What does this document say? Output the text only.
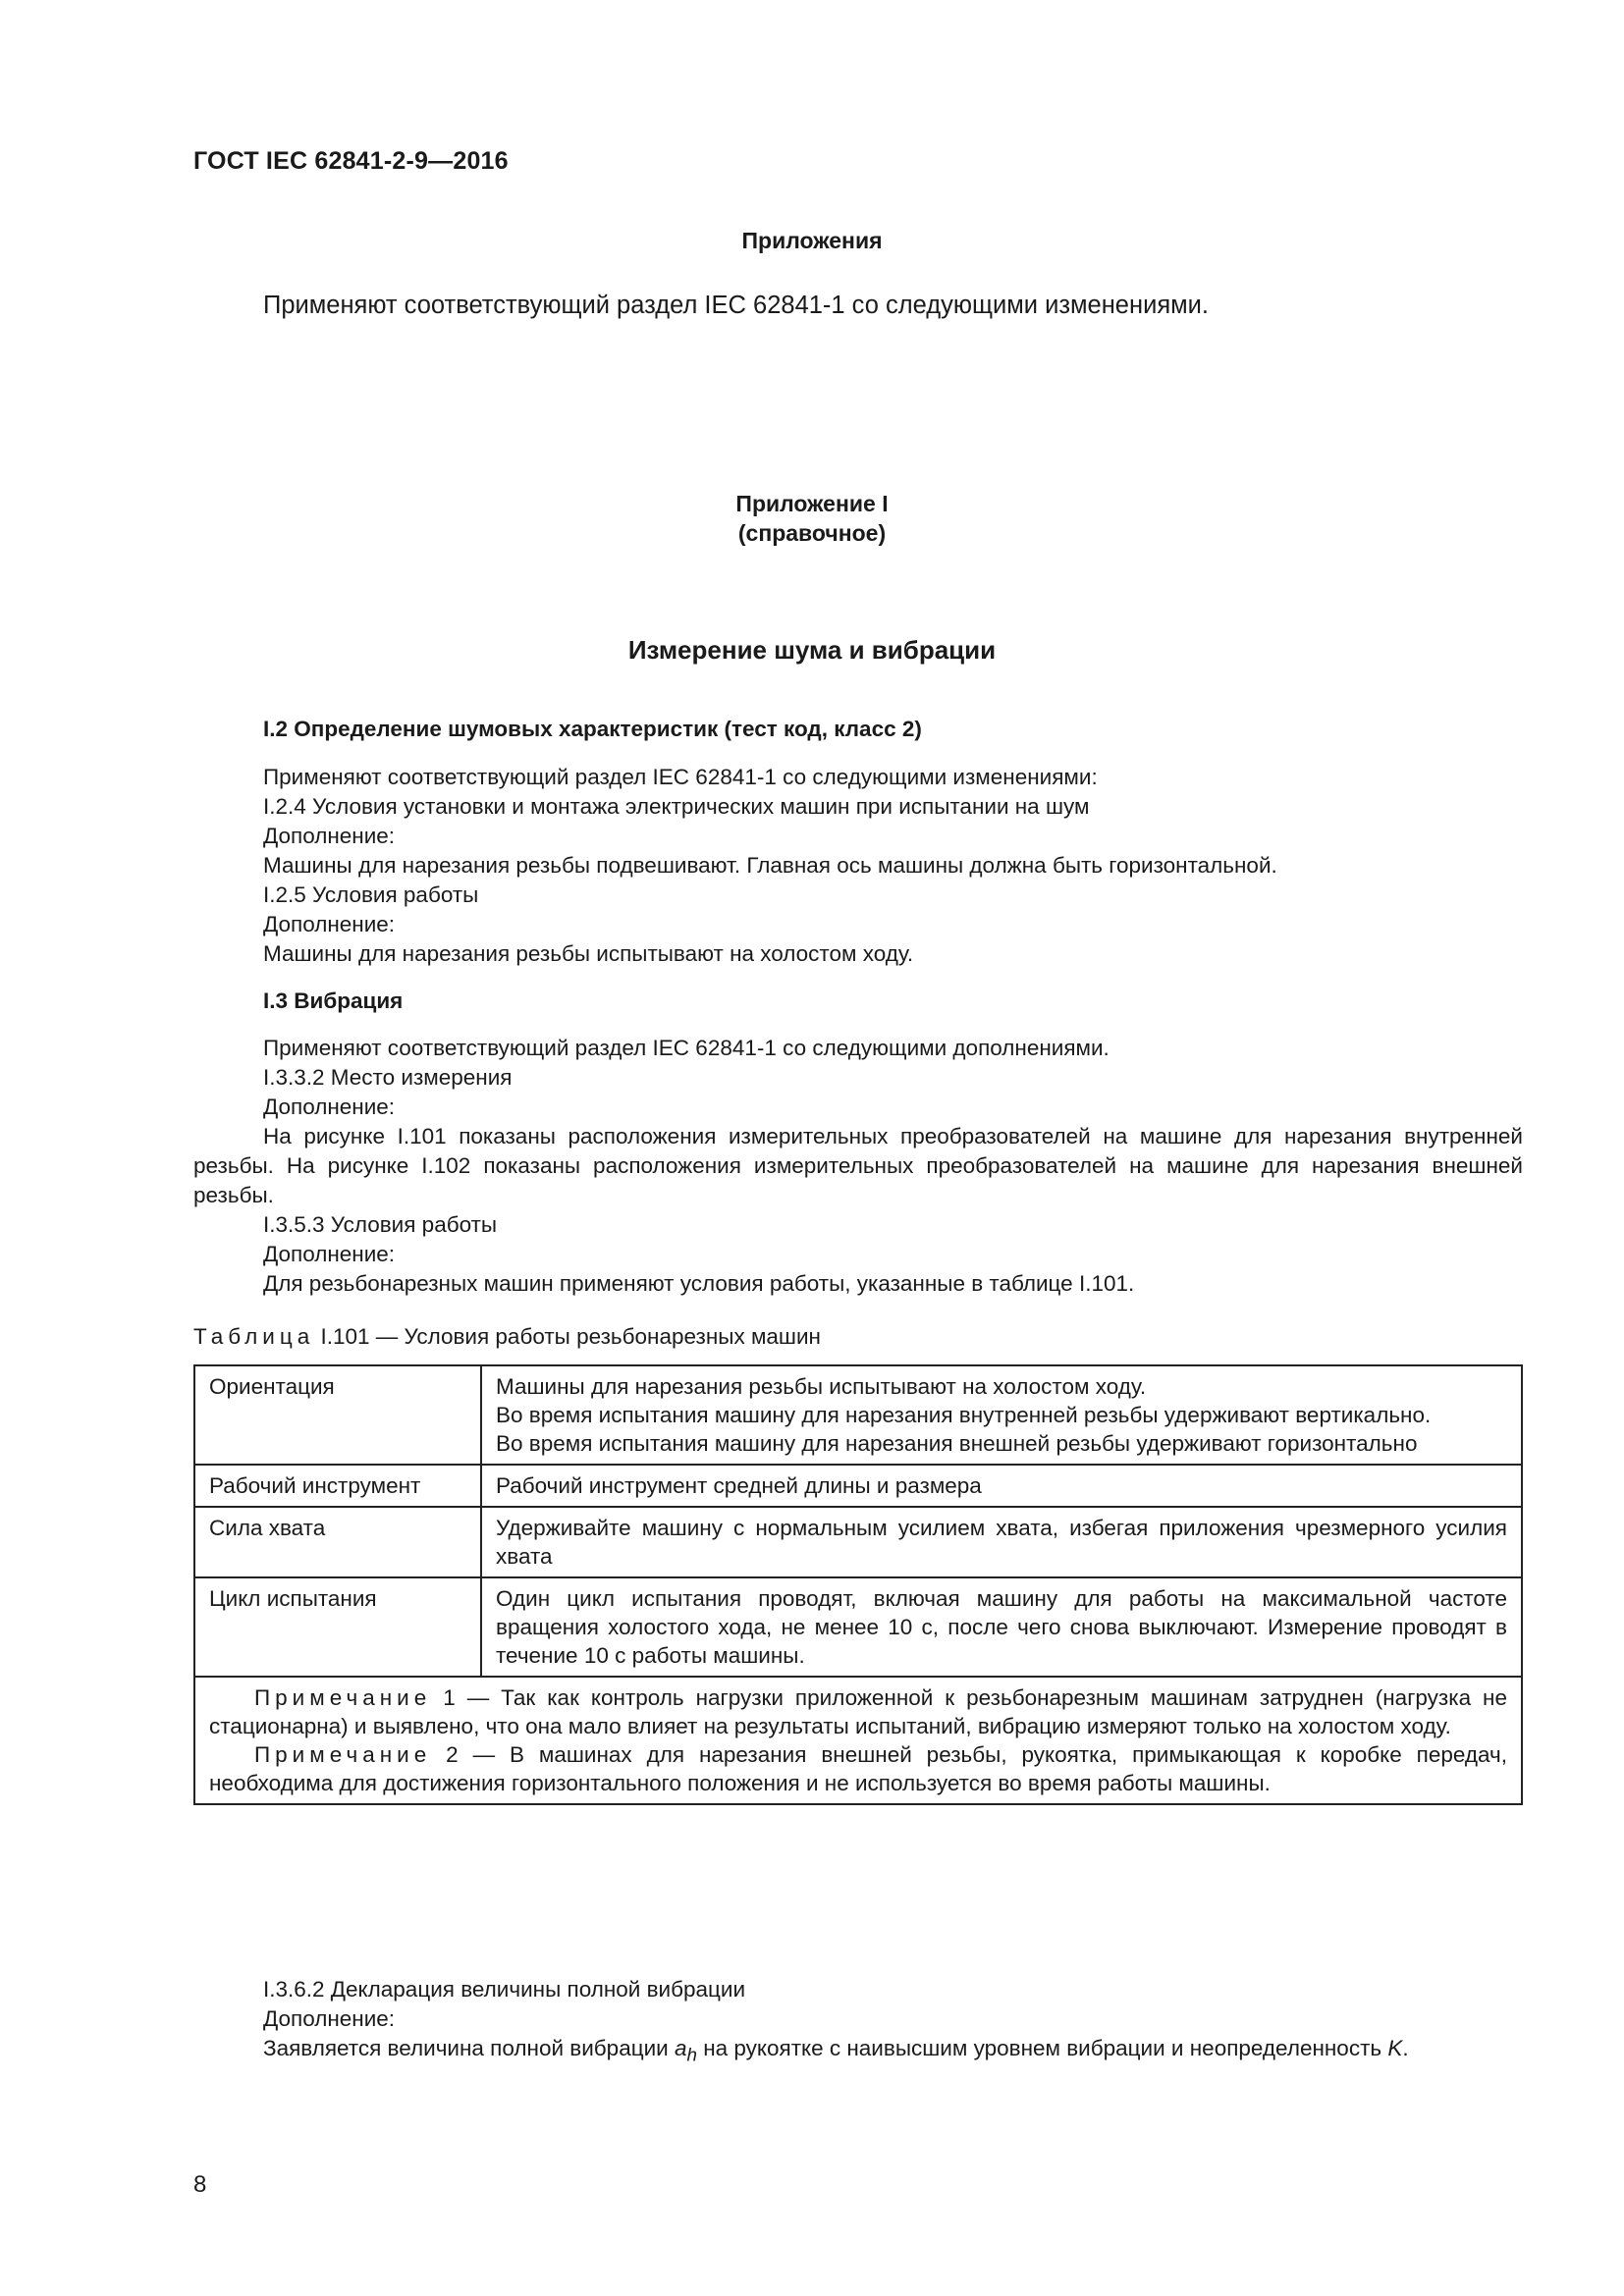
ГОСТ IEC 62841-2-9—2016
Приложения
Применяют соответствующий раздел IEC 62841-1 со следующими изменениями.
Приложение I
(справочное)
Измерение шума и вибрации
I.2 Определение шумовых характеристик (тест код, класс 2)
Применяют соответствующий раздел IEC 62841-1 со следующими изменениями:
I.2.4 Условия установки и монтажа электрических машин при испытании на шум
Дополнение:
Машины для нарезания резьбы подвешивают. Главная ось машины должна быть горизонтальной.
I.2.5 Условия работы
Дополнение:
Машины для нарезания резьбы испытывают на холостом ходу.
I.3 Вибрация
Применяют соответствующий раздел IEC 62841-1 со следующими дополнениями.
I.3.3.2 Место измерения
Дополнение:
На рисунке I.101 показаны расположения измерительных преобразователей на машине для нарезания внутренней резьбы. На рисунке I.102 показаны расположения измерительных преобразователей на машине для нарезания внешней резьбы.
I.3.5.3 Условия работы
Дополнение:
Для резьбонарезных машин применяют условия работы, указанные в таблице I.101.
Таблица I.101 — Условия работы резьбонарезных машин
Ориентация	Машины для нарезания резьбы испытывают на холостом ходу.
Во время испытания машину для нарезания внутренней резьбы удерживают вертикально.
Во время испытания машину для нарезания внешней резьбы удерживают горизонтально

Рабочий инструмент	Рабочий инструмент средней длины и размера

Сила хвата	Удерживайте машину с нормальным усилием хвата, избегая приложения чрезмерного усилия хвата

Цикл испытания	Один цикл испытания проводят, включая машину для работы на максимальной частоте вращения холостого хода, не менее 10 с, после чего снова выключают. Измерение проводят в течение 10 с работы машины.

Примечание 1 — Так как контроль нагрузки приложенной к резьбонарезным машинам затруднен (нагрузка не стационарна) и выявлено, что она мало влияет на результаты испытаний, вибрацию измеряют только на холостом ходу.

Примечание 2 — В машинах для нарезания внешней резьбы, рукоятка, примыкающая к коробке передач, необходима для достижения горизонтального положения и не используется во время работы машины.	

I.3.6.2 Декларация величины полной вибрации
Дополнение:
Заявляется величина полной вибрации $a_h$ на рукоятке с наивысшим уровнем вибрации и неопределенность K.
8
